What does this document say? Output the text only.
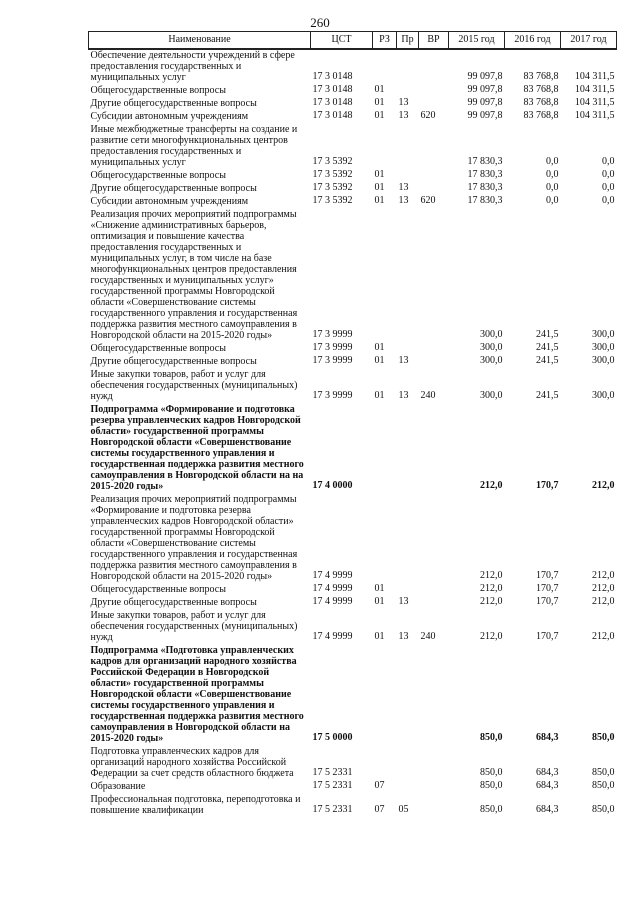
260
Наименование	ЦСТ	РЗ	Пр	ВР	2015 год	2016 год	2017 год
Обеспечение деятельности учреждений в сфере предоставления государственных и муниципальных услуг	17 3 0148				99 097,8	83 768,8	104 311,5
Общегосударственные вопросы	17 3 0148	01			99 097,8	83 768,8	104 311,5
Другие общегосударственные вопросы	17 3 0148	01	13		99 097,8	83 768,8	104 311,5
Субсидии автономным учреждениям	17 3 0148	01	13	620	99 097,8	83 768,8	104 311,5
Иные межбюджетные трансферты на создание и развитие сети многофункциональных центров предоставления государственных и муниципальных услуг	17 3 5392				17 830,3	0,0	0,0
Общегосударственные вопросы	17 3 5392	01			17 830,3	0,0	0,0
Другие общегосударственные вопросы	17 3 5392	01	13		17 830,3	0,0	0,0
Субсидии автономным учреждениям	17 3 5392	01	13	620	17 830,3	0,0	0,0
Реализация прочих мероприятий подпрограммы «Снижение административных барьеров, оптимизация и повышение качества предоставления государственных и муниципальных услуг, в том числе на базе многофункциональных центров предоставления государственных и муниципальных услуг» государственной программы Новгородской области «Совершенствование системы государственного управления и государственная поддержка развития местного самоуправления в Новгородской области на 2015-2020 годы»	17 3 9999				300,0	241,5	300,0
Общегосударственные вопросы	17 3 9999	01			300,0	241,5	300,0
Другие общегосударственные вопросы	17 3 9999	01	13		300,0	241,5	300,0
Иные закупки товаров, работ и услуг для обеспечения государственных (муниципальных) нужд	17 3 9999	01	13	240	300,0	241,5	300,0
Подпрограмма «Формирование и подготовка резерва управленческих кадров Новгородской области» государственной программы Новгородской области «Совершенствование системы государственного управления и государственная поддержка развития местного самоуправления в Новгородской области на на 2015-2020 годы»	17 4 0000				212,0	170,7	212,0
Реализация прочих мероприятий подпрограммы «Формирование и подготовка резерва управленческих кадров Новгородской области» государственной программы Новгородской области «Совершенствование системы государственного управления и государственная поддержка развития местного самоуправления в Новгородской области на 2015-2020 годы»	17 4 9999				212,0	170,7	212,0
Общегосударственные вопросы	17 4 9999	01			212,0	170,7	212,0
Другие общегосударственные вопросы	17 4 9999	01	13		212,0	170,7	212,0
Иные закупки товаров, работ и услуг для обеспечения государственных (муниципальных) нужд	17 4 9999	01	13	240	212,0	170,7	212,0
Подпрограмма «Подготовка управленческих кадров для организаций народного хозяйства Российской Федерации в Новгородской области» государственной программы Новгородской области «Совершенствование системы государственного управления и государственная поддержка развития местного самоуправления в Новгородской области на 2015-2020 годы»	17 5 0000				850,0	684,3	850,0
Подготовка управленческих кадров для организаций народного хозяйства Российской Федерации за счет средств областного бюджета	17 5 2331				850,0	684,3	850,0
Образование	17 5 2331	07			850,0	684,3	850,0
Профессиональная подготовка, переподготовка и повышение квалификации	17 5 2331	07	05		850,0	684,3	850,0
